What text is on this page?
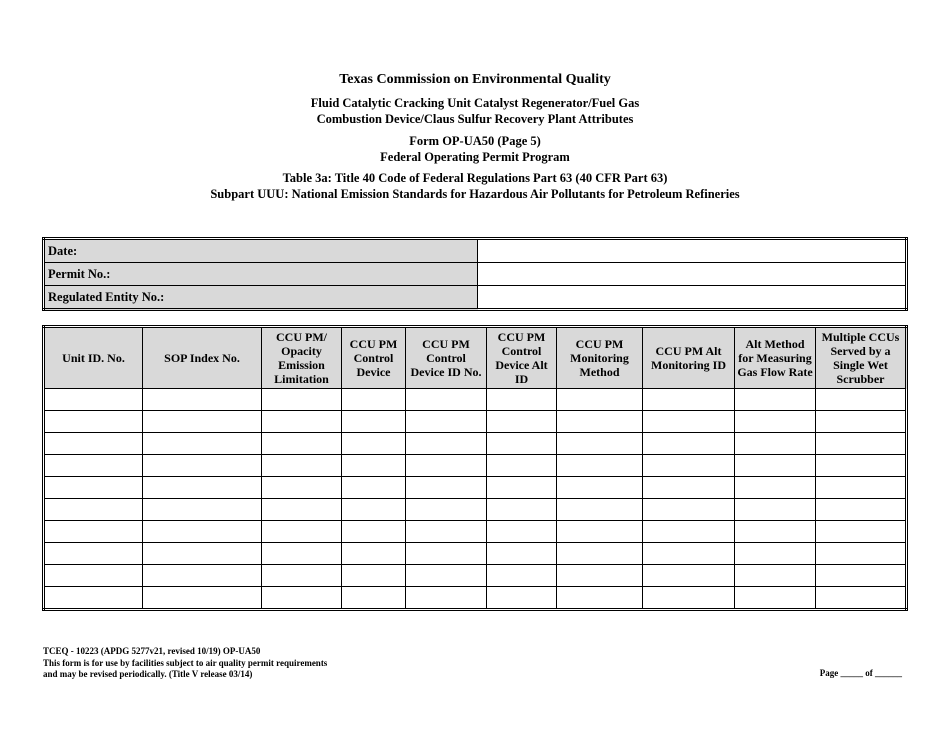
Texas Commission on Environmental Quality
Fluid Catalytic Cracking Unit Catalyst Regenerator/Fuel Gas
Combustion Device/Claus Sulfur Recovery Plant Attributes
Form OP-UA50 (Page 5)
Federal Operating Permit Program
Table 3a: Title 40 Code of Federal Regulations Part 63 (40 CFR Part 63)
Subpart UUU: National Emission Standards for Hazardous Air Pollutants for Petroleum Refineries
Date:	
Permit No.:	
Regulated Entity No.:	
Unit ID. No.	SOP Index No.	CCU PM/ Opacity Emission Limitation	CCU PM Control Device	CCU PM Control Device ID No.	CCU PM Control Device Alt ID	CCU PM Monitoring Method	CCU PM Alt Monitoring ID	Alt Method for Measuring Gas Flow Rate	Multiple CCUs Served by a Single Wet Scrubber

TCEQ - 10223 (APDG 5277v21, revised 10/19) OP-UA50
This form is for use by facilities subject to air quality permit requirements
and may be revised periodically. (Title V release 03/14)	Page _____ of ______
